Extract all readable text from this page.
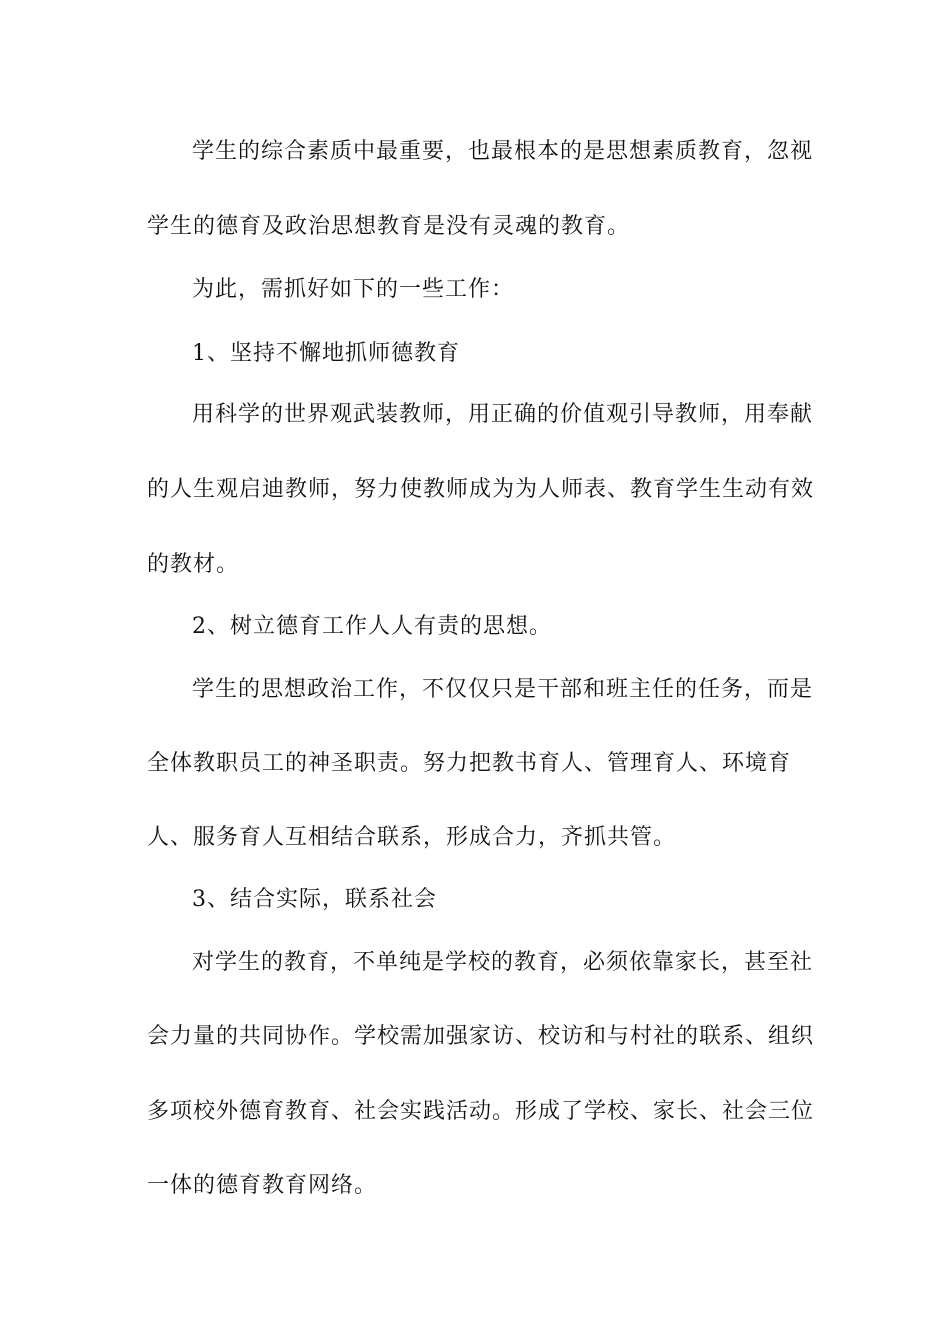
学生的综合素质中最重要，也最根本的是思想素质教育，忽视
学生的德育及政治思想教育是没有灵魂的教育。
为此，需抓好如下的一些工作：
1、坚持不懈地抓师德教育
用科学的世界观武装教师，用正确的价值观引导教师，用奉献
的人生观启迪教师，努力使教师成为为人师表、教育学生生动有效
的教材。
2、树立德育工作人人有责的思想。
学生的思想政治工作，不仅仅只是干部和班主任的任务，而是
全体教职员工的神圣职责。努力把教书育人、管理育人、环境育
人、服务育人互相结合联系，形成合力，齐抓共管。
3、结合实际，联系社会
对学生的教育，不单纯是学校的教育，必须依靠家长，甚至社
会力量的共同协作。学校需加强家访、校访和与村社的联系、组织
多项校外德育教育、社会实践活动。形成了学校、家长、社会三位
一体的德育教育网络。
